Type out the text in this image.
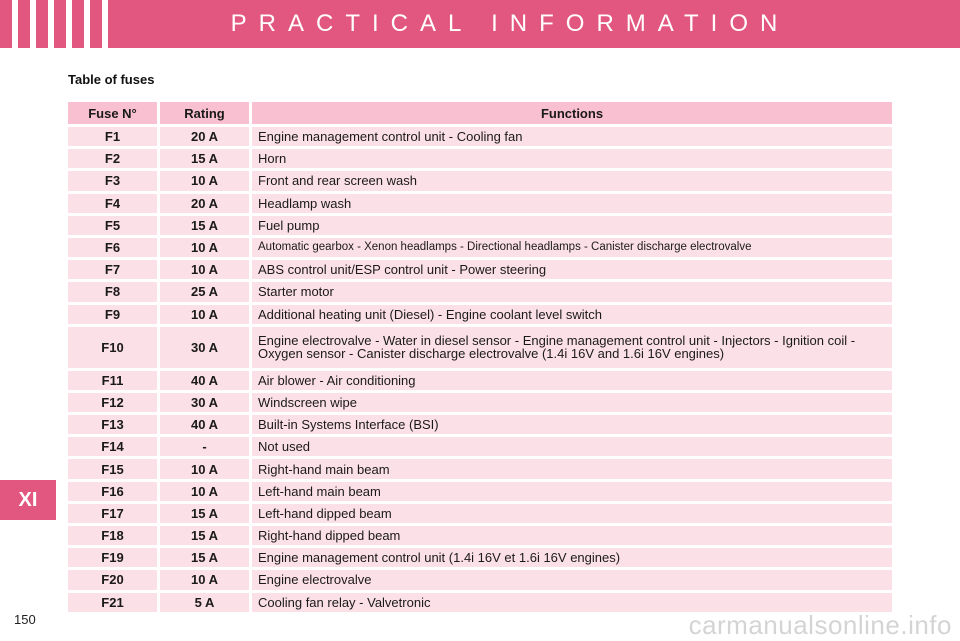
PRACTICAL INFORMATION
Table of fuses
Fuse N°	Rating	Functions
F1	20 A	Engine management control unit - Cooling fan
F2	15 A	Horn
F3	10 A	Front and rear screen wash
F4	20 A	Headlamp wash
F5	15 A	Fuel pump
F6	10 A	Automatic gearbox - Xenon headlamps - Directional headlamps - Canister discharge electrovalve
F7	10 A	ABS control unit/ESP control unit - Power steering
F8	25 A	Starter motor
F9	10 A	Additional heating unit (Diesel) - Engine coolant level switch
F10	30 A	Engine electrovalve - Water in diesel sensor - Engine management control unit - Injectors - Ignition coil - Oxygen sensor - Canister discharge electrovalve (1.4i 16V and 1.6i 16V engines)
F11	40 A	Air blower - Air conditioning
F12	30 A	Windscreen wipe
F13	40 A	Built-in Systems Interface (BSI)
F14	-	Not used
F15	10 A	Right-hand main beam
F16	10 A	Left-hand main beam
F17	15 A	Left-hand dipped beam
F18	15 A	Right-hand dipped beam
F19	15 A	Engine management control unit (1.4i 16V et 1.6i 16V engines)
F20	10 A	Engine electrovalve
F21	5 A	Cooling fan relay - Valvetronic
XI
150	carmanualsonline.info
